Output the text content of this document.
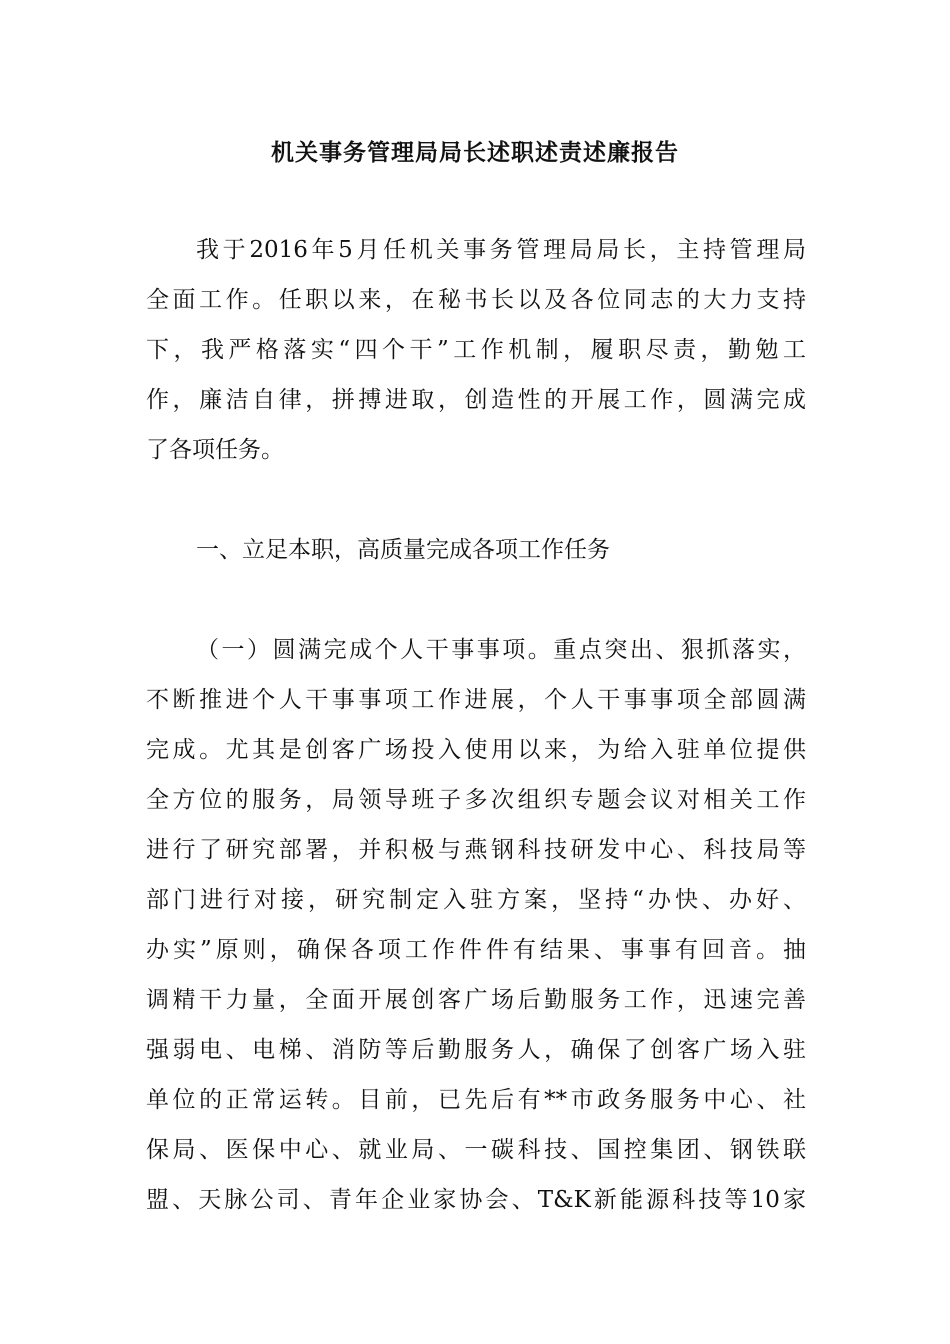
机关事务管理局局长述职述责述廉报告
我于2016年5月任机关事务管理局局长，主持管理局
全面工作。任职以来，在秘书长以及各位同志的大力支持
下，我严格落实“四个干”工作机制，履职尽责，勤勉工
作，廉洁自律，拼搏进取，创造性的开展工作，圆满完成
了各项任务。
一、立足本职，高质量完成各项工作任务
（一）圆满完成个人干事事项。重点突出、狠抓落实，
不断推进个人干事事项工作进展，个人干事事项全部圆满
完成。尤其是创客广场投入使用以来，为给入驻单位提供
全方位的服务，局领导班子多次组织专题会议对相关工作
进行了研究部署，并积极与燕钢科技研发中心、科技局等
部门进行对接，研究制定入驻方案，坚持“办快、办好、
办实”原则，确保各项工作件件有结果、事事有回音。抽
调精干力量，全面开展创客广场后勤服务工作，迅速完善
强弱电、电梯、消防等后勤服务人，确保了创客广场入驻
单位的正常运转。目前，已先后有**市政务服务中心、社
保局、医保中心、就业局、一碳科技、国控集团、钢铁联
盟、天脉公司、青年企业家协会、T&K新能源科技等10家
